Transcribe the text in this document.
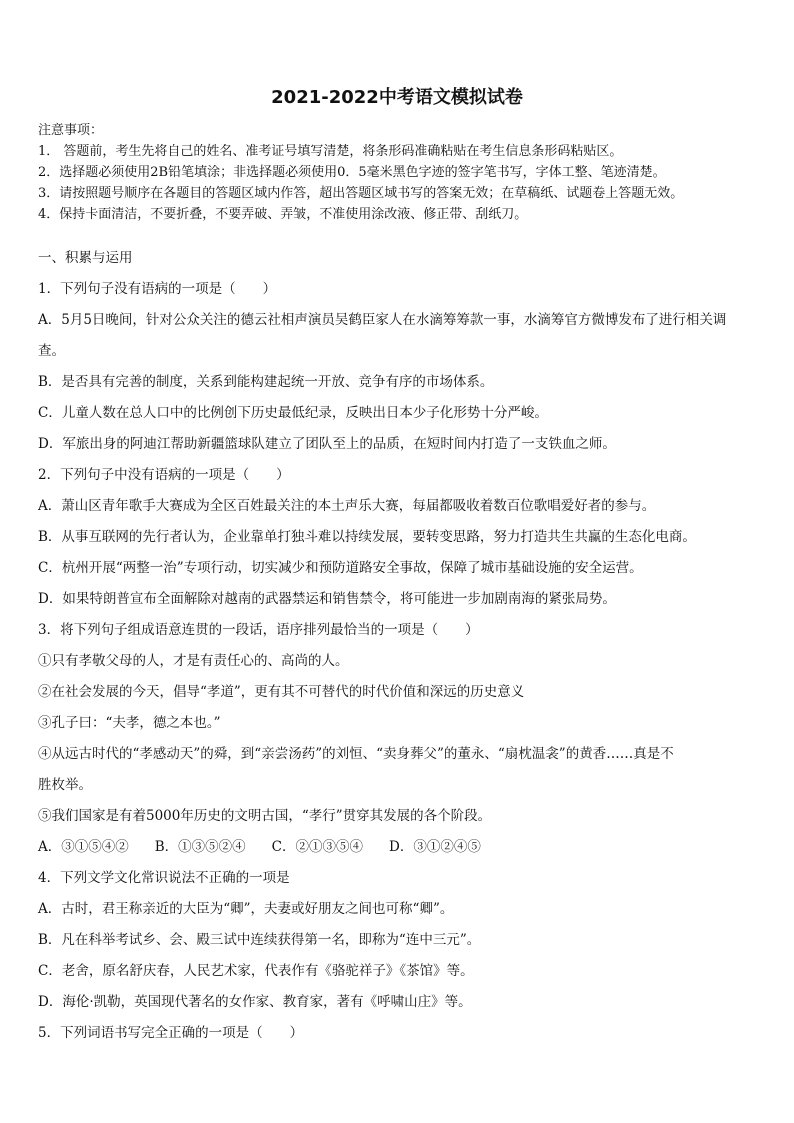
2021-2022中考语文模拟试卷
注意事项：
1． 答题前，考生先将自己的姓名、准考证号填写清楚，将条形码准确粘贴在考生信息条形码粘贴区。
2．选择题必须使用2B铅笔填涂；非选择题必须使用0．5毫米黑色字迹的签字笔书写，字体工整、笔迹清楚。
3．请按照题号顺序在各题目的答题区域内作答，超出答题区域书写的答案无效；在草稿纸、试题卷上答题无效。
4．保持卡面清洁，不要折叠，不要弄破、弄皱，不准使用涂改液、修正带、刮纸刀。
一、积累与运用
1．下列句子没有语病的一项是（　　）
A．5月5日晚间，针对公众关注的德云社相声演员吴鹤臣家人在水滴筹筹款一事，水滴筹官方微博发布了进行相关调
查。
B．是否具有完善的制度，关系到能构建起统一开放、竞争有序的市场体系。
C．儿童人数在总人口中的比例创下历史最低纪录，反映出日本少子化形势十分严峻。
D．军旅出身的阿迪江帮助新疆篮球队建立了团队至上的品质，在短时间内打造了一支铁血之师。
2．下列句子中没有语病的一项是（　　）
A．萧山区青年歌手大赛成为全区百姓最关注的本土声乐大赛，每届都吸收着数百位歌唱爱好者的参与。
B．从事互联网的先行者认为，企业靠单打独斗难以持续发展，要转变思路，努力打造共生共赢的生态化电商。
C．杭州开展“两整一治”专项行动，切实减少和预防道路安全事故，保障了城市基础设施的安全运营。
D．如果特朗普宣布全面解除对越南的武器禁运和销售禁令，将可能进一步加剧南海的紧张局势。
3．将下列句子组成语意连贯的一段话，语序排列最恰当的一项是（　　）
①只有孝敬父母的人，才是有责任心的、高尚的人。
②在社会发展的今天，倡导“孝道”，更有其不可替代的时代价值和深远的历史意义
③孔子曰：“夫孝，德之本也。”
④从远古时代的“孝感动天”的舜，到“亲尝汤药”的刘恒、“卖身葬父”的董永、“扇枕温衾”的黄香……真是不
胜枚举。
⑤我们国家是有着5000年历史的文明古国，“孝行”贯穿其发展的各个阶段。
A．③①⑤④② B．①③⑤②④ C．②①③⑤④ D．③①②④⑤
4．下列文学文化常识说法不正确的一项是
A．古时，君王称亲近的大臣为“卿”，夫妻或好朋友之间也可称“卿”。
B．凡在科举考试乡、会、殿三试中连续获得第一名，即称为“连中三元”。
C．老舍，原名舒庆春，人民艺术家，代表作有《骆驼祥子》《茶馆》等。
D．海伦·凯勒，英国现代著名的女作家、教育家，著有《呼啸山庄》等。
5．下列词语书写完全正确的一项是（　　）
